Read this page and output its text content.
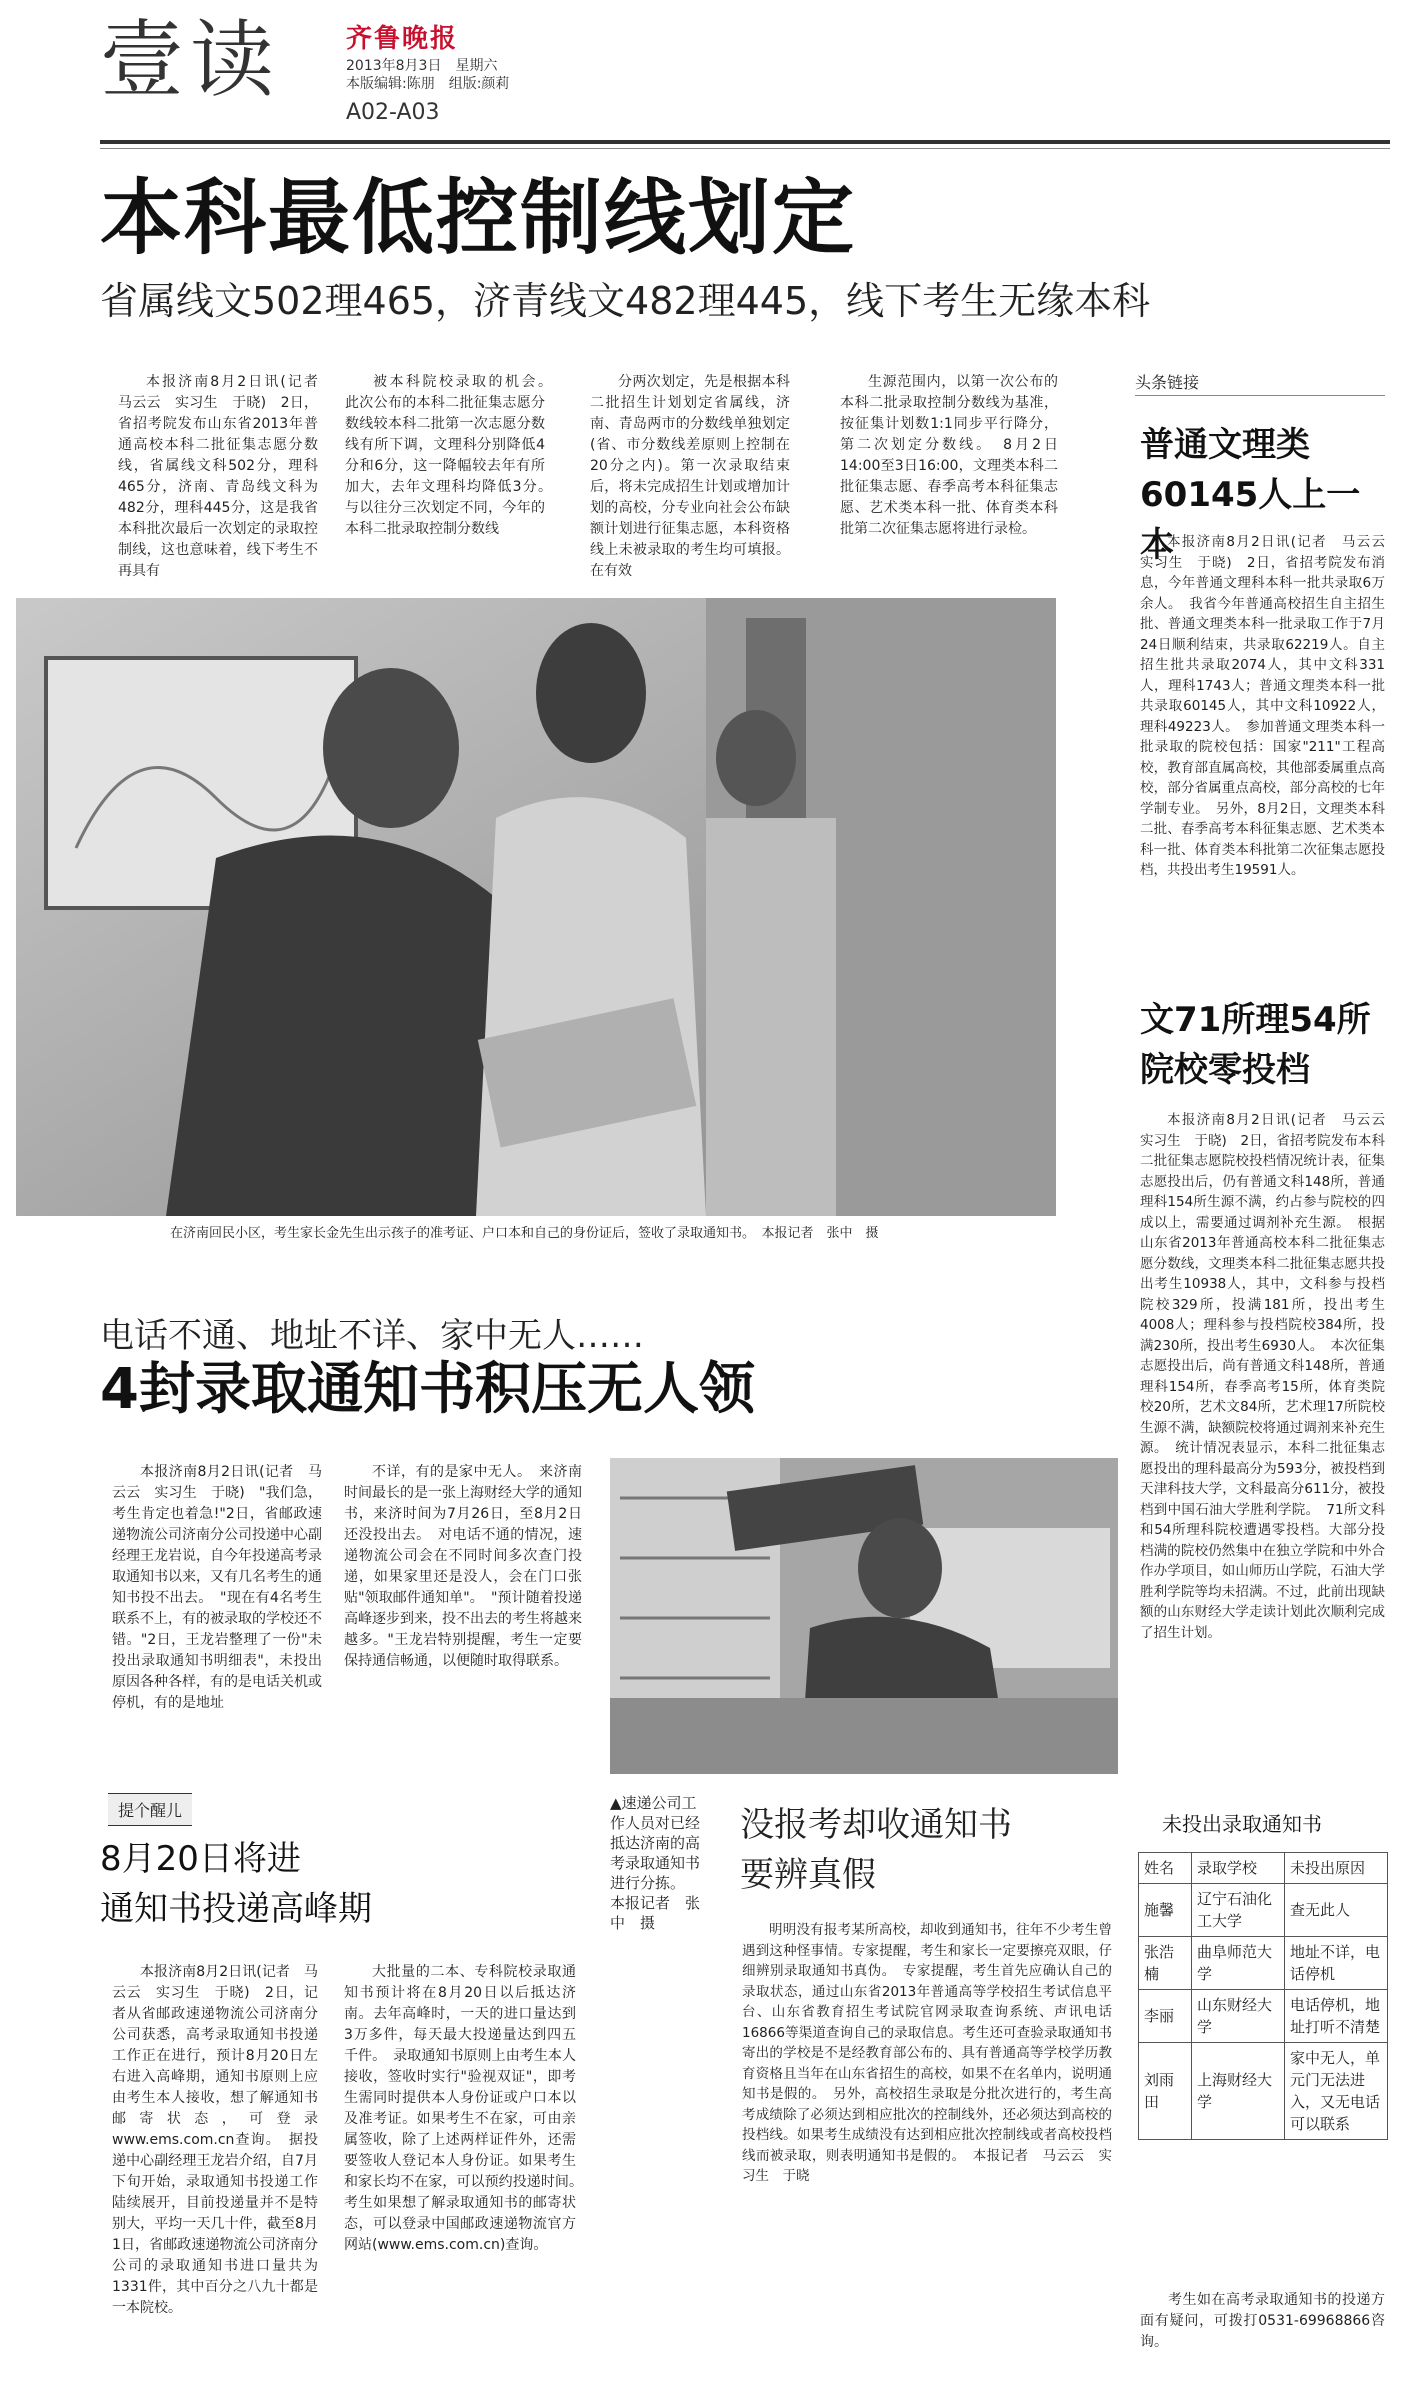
壹读	齐鲁晚报
2013年8月3日　星期六
本版编辑:陈朋　组版:颜莉
A02-A03
本科最低控制线划定
省属线文502理465，济青线文482理445，线下考生无缘本科

本报济南8月2日讯(记者　马云云　实习生　于晓)　2日，省招考院发布山东省2013年普通高校本科二批征集志愿分数线，省属线文科502分，理科465分，济南、青岛线文科为482分，理科445分，这是我省本科批次最后一次划定的录取控制线，这也意味着，线下考生不再具有

被本科院校录取的机会。　此次公布的本科二批征集志愿分数线较本科二批第一次志愿分数线有所下调，文理科分别降低4分和6分，这一降幅较去年有所加大，去年文理科均降低3分。　与以往分三次划定不同，今年的本科二批录取控制分数线

分两次划定，先是根据本科二批招生计划划定省属线，济南、青岛两市的分数线单独划定(省、市分数线差原则上控制在20分之内)。第一次录取结束后，将未完成招生计划或增加计划的高校，分专业向社会公布缺额计划进行征集志愿，本科资格线上未被录取的考生均可填报。在有效

生源范围内，以第一次公布的本科二批录取控制分数线为基准，按征集计划数1:1同步平行降分，第二次划定分数线。　8月2日14:00至3日16:00，文理类本科二批征集志愿、春季高考本科征集志愿、艺术类本科一批、体育类本科批第二次征集志愿将进行录检。

在济南回民小区，考生家长金先生出示孩子的准考证、户口本和自己的身份证后，签收了录取通知书。　本报记者　张中　摄
头条链接
普通文理类
60145人上一本

本报济南8月2日讯(记者　马云云　实习生　于晓)　2日，省招考院发布消息，今年普通文理科本科一批共录取6万余人。　我省今年普通高校招生自主招生批、普通文理类本科一批录取工作于7月24日顺利结束，共录取62219人。自主招生批共录取2074人，其中文科331人，理科1743人；普通文理类本科一批共录取60145人，其中文科10922人，理科49223人。　参加普通文理类本科一批录取的院校包括：国家"211"工程高校，教育部直属高校，其他部委属重点高校，部分省属重点高校，部分高校的七年学制专业。　另外，8月2日，文理类本科二批、春季高考本科征集志愿、艺术类本科一批、体育类本科批第二次征集志愿投档，共投出考生19591人。

文71所理54所
院校零投档

本报济南8月2日讯(记者　马云云　实习生　于晓)　2日，省招考院发布本科二批征集志愿院校投档情况统计表，征集志愿投出后，仍有普通文科148所，普通理科154所生源不满，约占参与院校的四成以上，需要通过调剂补充生源。　根据山东省2013年普通高校本科二批征集志愿分数线，文理类本科二批征集志愿共投出考生10938人，其中，文科参与投档院校329所，投满181所，投出考生4008人；理科参与投档院校384所，投满230所，投出考生6930人。　本次征集志愿投出后，尚有普通文科148所，普通理科154所，春季高考15所，体育类院校20所，艺术文84所，艺术理17所院校生源不满，缺额院校将通过调剂来补充生源。　统计情况表显示，本科二批征集志愿投出的理科最高分为593分，被投档到天津科技大学，文科最高分611分，被投档到中国石油大学胜利学院。　71所文科和54所理科院校遭遇零投档。大部分投档满的院校仍然集中在独立学院和中外合作办学项目，如山师历山学院，石油大学胜利学院等均未招满。不过，此前出现缺额的山东财经大学走读计划此次顺利完成了招生计划。

电话不通、地址不详、家中无人……
4封录取通知书积压无人领

本报济南8月2日讯(记者　马云云　实习生　于晓)　"我们急，考生肯定也着急!"2日，省邮政速递物流公司济南分公司投递中心副经理王龙岩说，自今年投递高考录取通知书以来，又有几名考生的通知书投不出去。　"现在有4名考生联系不上，有的被录取的学校还不错。"2日，王龙岩整理了一份"未投出录取通知书明细表"，未投出原因各种各样，有的是电话关机或停机，有的是地址

不详，有的是家中无人。　来济南时间最长的是一张上海财经大学的通知书，来济时间为7月26日，至8月2日还没投出去。　对电话不通的情况，速递物流公司会在不同时间多次查门投递，如果家里还是没人，会在门口张贴"领取邮件通知单"。　"预计随着投递高峰逐步到来，投不出去的考生将越来越多。"王龙岩特别提醒，考生一定要保持通信畅通，以便随时取得联系。

提个醒儿
8月20日将进
通知书投递高峰期

本报济南8月2日讯(记者　马云云　实习生　于晓)　2日，记者从省邮政速递物流公司济南分公司获悉，高考录取通知书投递工作正在进行，预计8月20日左右进入高峰期，通知书原则上应由考生本人接收，想了解通知书邮寄状态，可登录www.ems.com.cn查询。　据投递中心副经理王龙岩介绍，自7月下旬开始，录取通知书投递工作陆续展开，目前投递量并不是特别大，平均一天几十件，截至8月1日，省邮政速递物流公司济南分公司的录取通知书进口量共为1331件，其中百分之八九十都是一本院校。

大批量的二本、专科院校录取通知书预计将在8月20日以后抵达济南。去年高峰时，一天的进口量达到3万多件，每天最大投递量达到四五千件。　录取通知书原则上由考生本人接收，签收时实行"验视双证"，即考生需同时提供本人身份证或户口本以及准考证。如果考生不在家，可由亲属签收，除了上述两样证件外，还需要签收人登记本人身份证。如果考生和家长均不在家，可以预约投递时间。　考生如果想了解录取通知书的邮寄状态，可以登录中国邮政速递物流官方网站(www.ems.com.cn)查询。

▲速递公司工作人员对已经抵达济南的高考录取通知书进行分拣。　本报记者　张中　摄
没报考却收通知书
要辨真假

明明没有报考某所高校，却收到通知书，往年不少考生曾遇到这种怪事情。专家提醒，考生和家长一定要擦亮双眼，仔细辨别录取通知书真伪。　专家提醒，考生首先应确认自己的录取状态，通过山东省2013年普通高等学校招生考试信息平台、山东省教育招生考试院官网录取查询系统、声讯电话16866等渠道查询自己的录取信息。考生还可查验录取通知书寄出的学校是不是经教育部公布的、具有普通高等学校学历教育资格且当年在山东省招生的高校，如果不在名单内，说明通知书是假的。　另外，高校招生录取是分批次进行的，考生高考成绩除了必须达到相应批次的控制线外，还必须达到高校的投档线。如果考生成绩没有达到相应批次控制线或者高校投档线而被录取，则表明通知书是假的。　本报记者　马云云　实习生　于晓

未投出录取通知书
姓名	录取学校	未投出原因
施馨	辽宁石油化工大学	查无此人
张浩楠	曲阜师范大学	地址不详，电话停机
李丽	山东财经大学	电话停机，地址打听不清楚
刘雨田	上海财经大学	家中无人，单元门无法进入，又无电话可以联系

考生如在高考录取通知书的投递方面有疑问，可拨打0531-69968866咨询。
